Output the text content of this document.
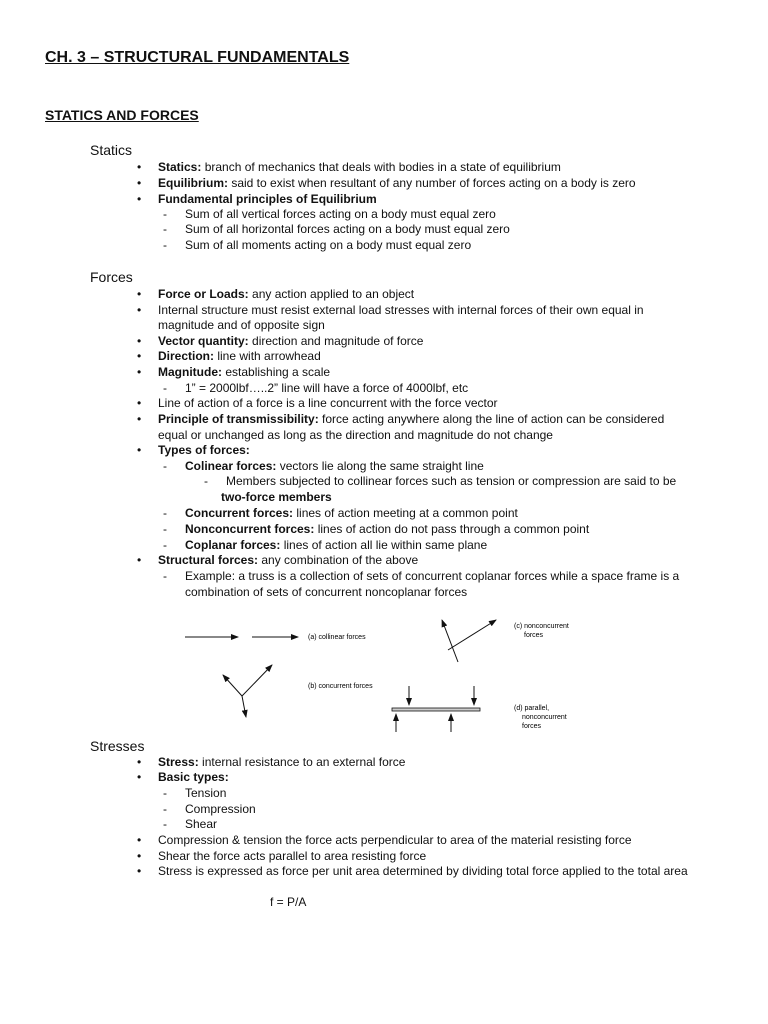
CH. 3 – STRUCTURAL FUNDAMENTALS
STATICS AND FORCES
Statics
• Statics: branch of mechanics that deals with bodies in a state of equilibrium
• Equilibrium: said to exist when resultant of any number of forces acting on a body is zero
• Fundamental principles of Equilibrium
- Sum of all vertical forces acting on a body must equal zero
- Sum of all horizontal forces acting on a body must equal zero
- Sum of all moments acting on a body must equal zero
Forces
• Force or Loads: any action applied to an object
• Internal structure must resist external load stresses with internal forces of their own equal in
magnitude and of opposite sign
• Vector quantity: direction and magnitude of force
• Direction: line with arrowhead
• Magnitude: establishing a scale
- 1” = 2000lbf…..2” line will have a force of 4000lbf, etc
• Line of action of a force is a line concurrent with the force vector
• Principle of transmissibility: force acting anywhere along the line of action can be considered
equal or unchanged as long as the direction and magnitude do not change
• Types of forces:
- Colinear forces: vectors lie along the same straight line
- Members subjected to collinear forces such as tension or compression are said to be
two-force members
- Concurrent forces: lines of action meeting at a common point
- Nonconcurrent forces: lines of action do not pass through a common point
- Coplanar forces: lines of action all lie within same plane
• Structural forces: any combination of the above
- Example: a truss is a collection of sets of concurrent coplanar forces while a space frame is a
combination of sets of concurrent noncoplanar forces
(a) collinear forces
(b) concurrent forces
(c) nonconcurrent
forces
(d) parallel,
nonconcurrent
forces
Stresses
• Stress: internal resistance to an external force
• Basic types:
- Tension
- Compression
- Shear
• Compression & tension the force acts perpendicular to area of the material resisting force
• Shear the force acts parallel to area resisting force
• Stress is expressed as force per unit area determined by dividing total force applied to the total area
f = P/A
